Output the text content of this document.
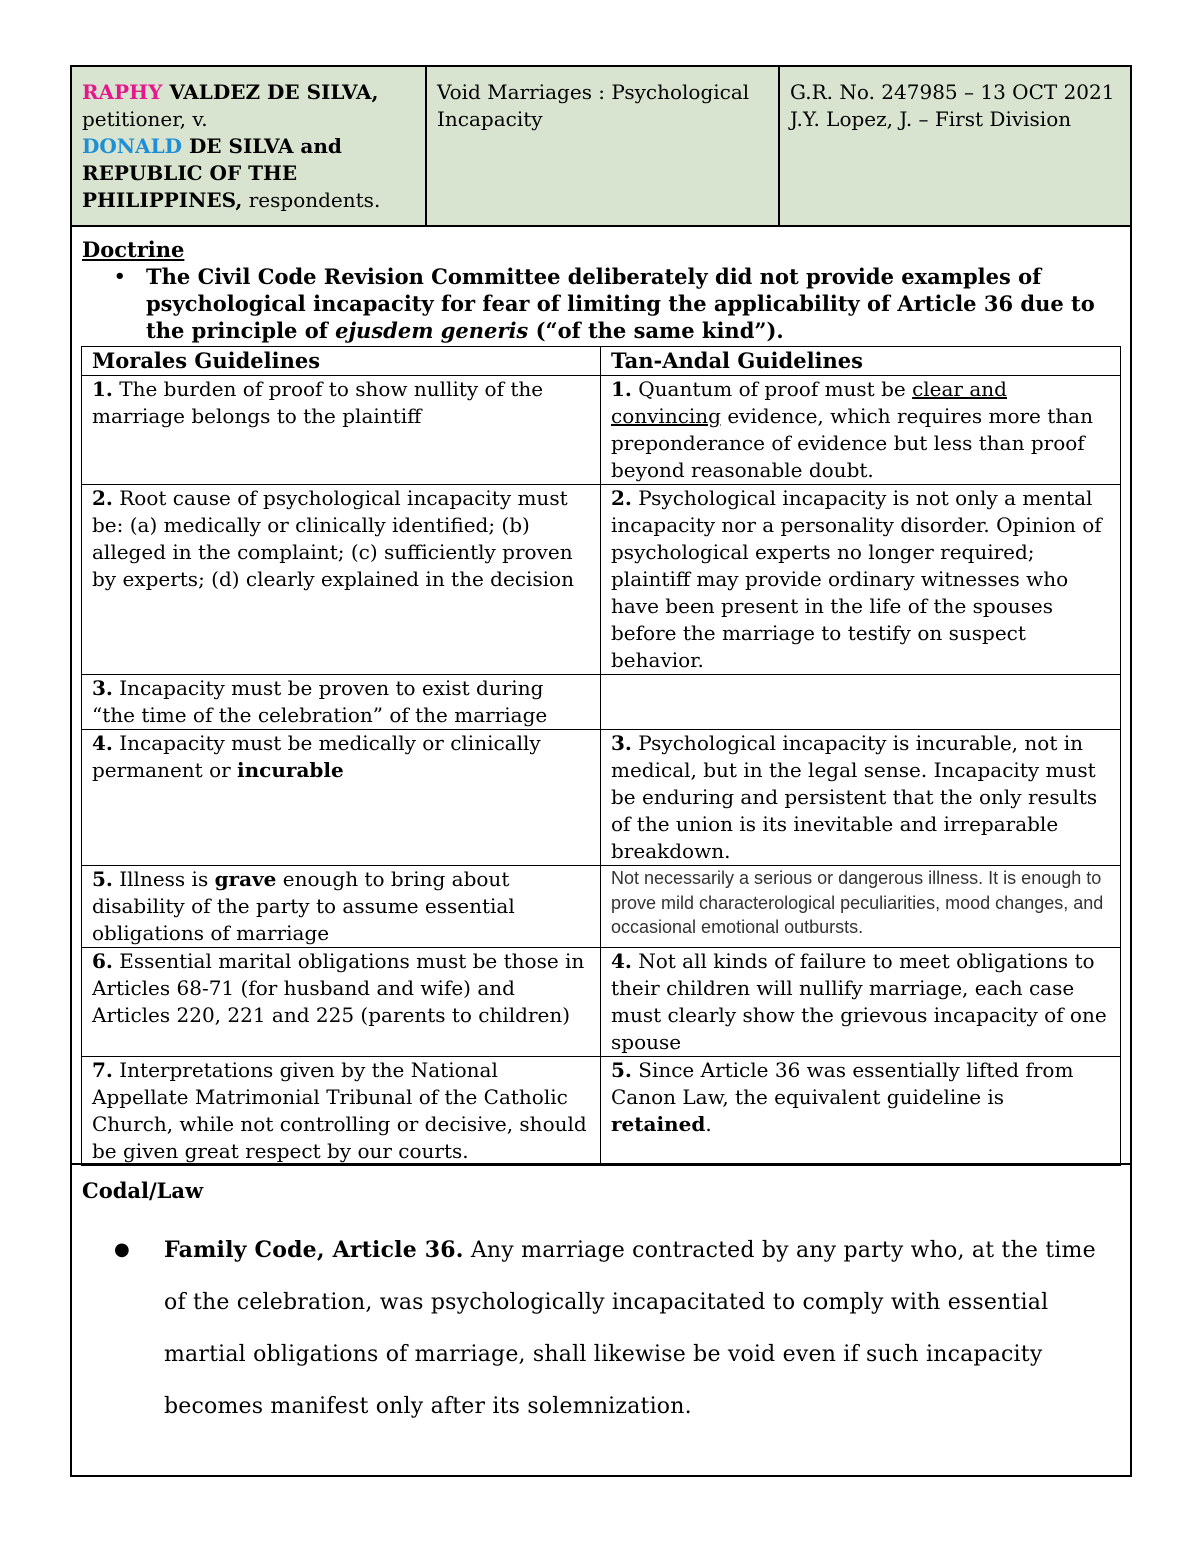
RAPHY VALDEZ DE SILVA, petitioner, v.
DONALD DE SILVA and REPUBLIC OF THE PHILIPPINES, respondents.
Void Marriages : Psychological Incapacity
G.R. No. 247985 – 13 OCT 2021
J.Y. Lopez, J. – First Division
Doctrine
• The Civil Code Revision Committee deliberately did not provide examples of psychological incapacity for fear of limiting the applicability of Article 36 due to the principle of ejusdem generis (“of the same kind”).
Morales Guidelines	Tan-Andal Guidelines
1. The burden of proof to show nullity of the marriage belongs to the plaintiff	1. Quantum of proof must be clear and convincing evidence, which requires more than preponderance of evidence but less than proof beyond reasonable doubt.
2. Root cause of psychological incapacity must be: (a) medically or clinically identified; (b) alleged in the complaint; (c) sufficiently proven by experts; (d) clearly explained in the decision	2. Psychological incapacity is not only a mental incapacity nor a personality disorder. Opinion of psychological experts no longer required; plaintiff may provide ordinary witnesses who have been present in the life of the spouses before the marriage to testify on suspect behavior.
3. Incapacity must be proven to exist during “the time of the celebration” of the marriage	
4. Incapacity must be medically or clinically permanent or incurable	3. Psychological incapacity is incurable, not in medical, but in the legal sense. Incapacity must be enduring and persistent that the only results of the union is its inevitable and irreparable breakdown.
5. Illness is grave enough to bring about disability of the party to assume essential obligations of marriage	Not necessarily a serious or dangerous illness. It is enough to prove mild characterological peculiarities, mood changes, and occasional emotional outbursts.
6. Essential marital obligations must be those in Articles 68-71 (for husband and wife) and Articles 220, 221 and 225 (parents to children)	4. Not all kinds of failure to meet obligations to their children will nullify marriage, each case must clearly show the grievous incapacity of one spouse
7. Interpretations given by the National Appellate Matrimonial Tribunal of the Catholic Church, while not controlling or decisive, should be given great respect by our courts.	5. Since Article 36 was essentially lifted from Canon Law, the equivalent guideline is retained.
Codal/Law
●	Family Code, Article 36. Any marriage contracted by any party who, at the time of the celebration, was psychologically incapacitated to comply with essential martial obligations of marriage, shall likewise be void even if such incapacity becomes manifest only after its solemnization.
